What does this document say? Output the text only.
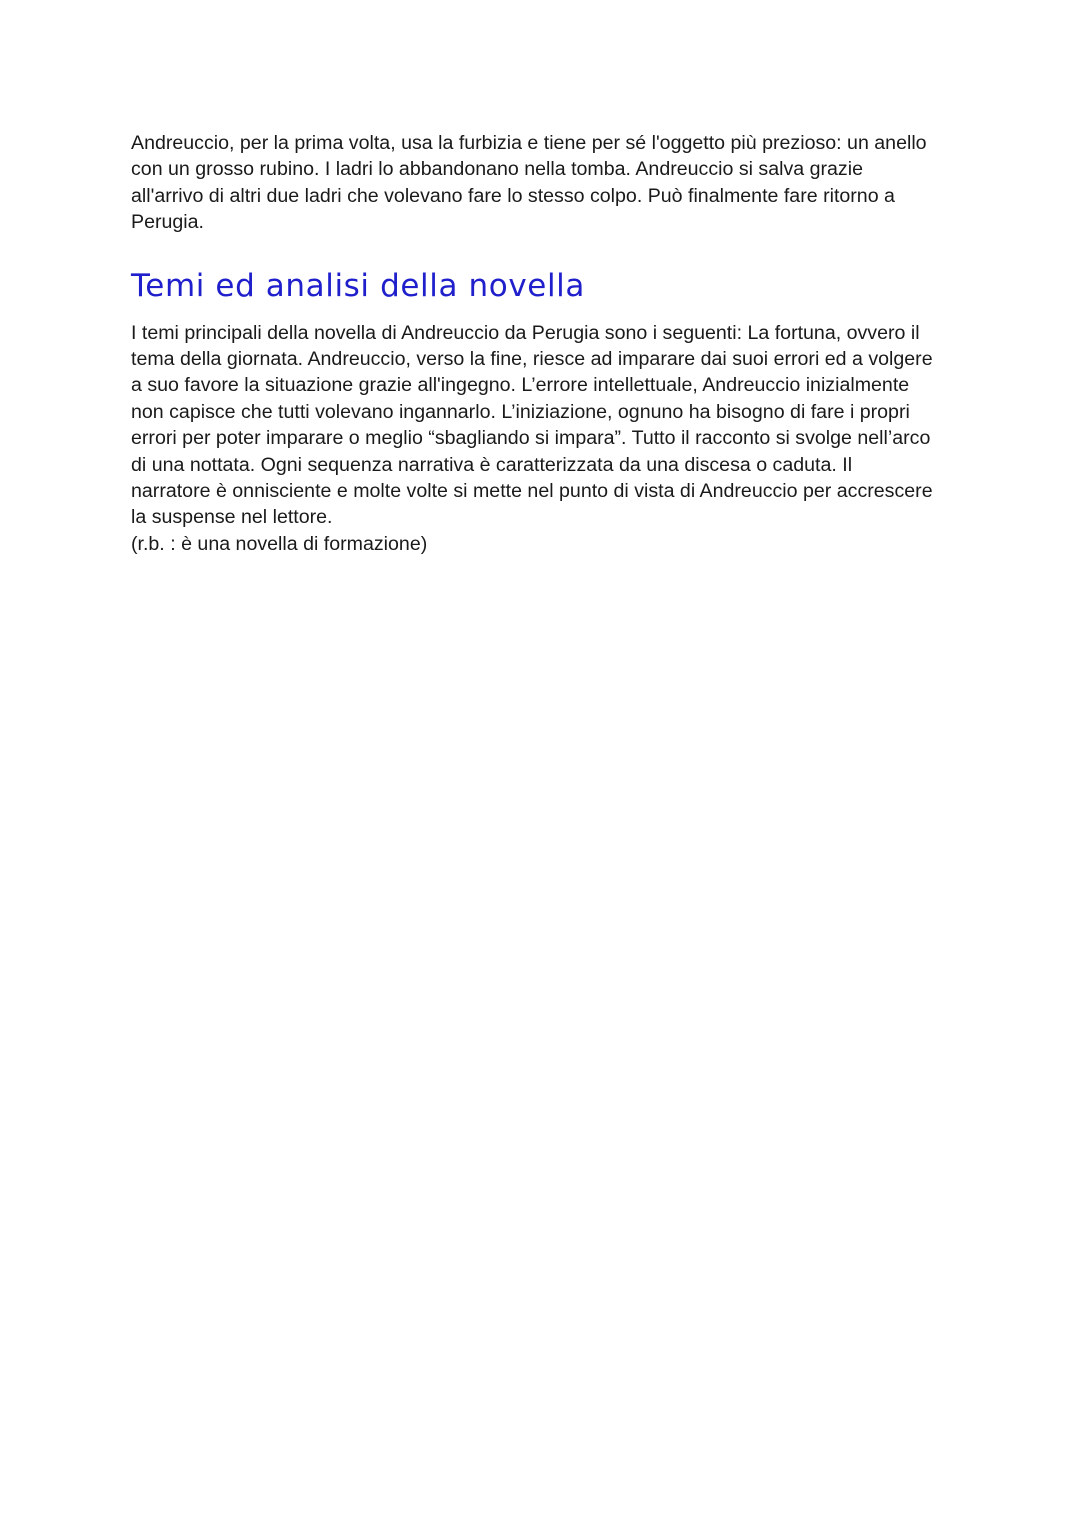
Andreuccio, per la prima volta, usa la furbizia e tiene per sé l'oggetto più prezioso: un anello
con un grosso rubino. I ladri lo abbandonano nella tomba. Andreuccio si salva grazie
all'arrivo di altri due ladri che volevano fare lo stesso colpo. Può finalmente fare ritorno a
Perugia.

Temi ed analisi della novella

I temi principali della novella di Andreuccio da Perugia sono i seguenti: La fortuna, ovvero il
tema della giornata. Andreuccio, verso la fine, riesce ad imparare dai suoi errori ed a volgere
a suo favore la situazione grazie all'ingegno. L’errore intellettuale, Andreuccio inizialmente
non capisce che tutti volevano ingannarlo. L’iniziazione, ognuno ha bisogno di fare i propri
errori per poter imparare o meglio “sbagliando si impara”. Tutto il racconto si svolge nell’arco
di una nottata. Ogni sequenza narrativa è caratterizzata da una discesa o caduta. Il
narratore è onnisciente e molte volte si mette nel punto di vista di Andreuccio per accrescere
la suspense nel lettore.
(r.b. : è una novella di formazione)
